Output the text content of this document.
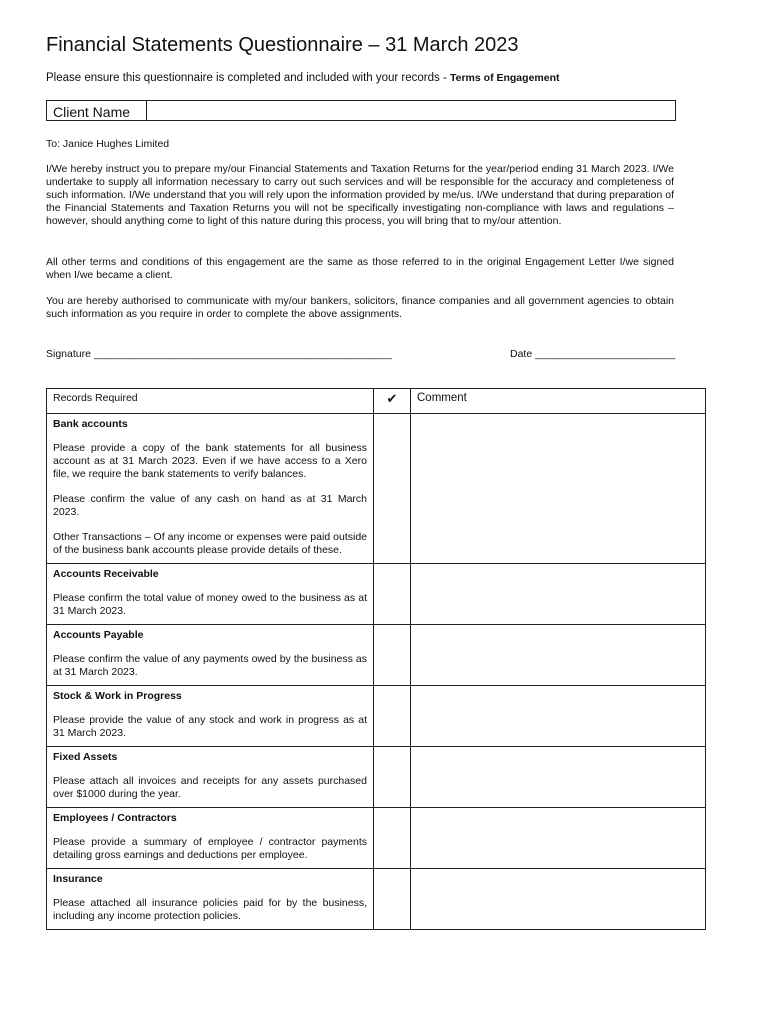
Financial Statements Questionnaire – 31 March 2023
Please ensure this questionnaire is completed and included with your records - Terms of Engagement
Client Name
To: Janice Hughes Limited

I/We hereby instruct you to prepare my/our Financial Statements and Taxation Returns for the year/period ending 31 March 2023. I/We undertake to supply all information necessary to carry out such services and will be responsible for the accuracy and completeness of such information. I/We understand that you will rely upon the information provided by me/us. I/We understand that during preparation of the Financial Statements and Taxation Returns you will not be specifically investigating non-compliance with laws and regulations – however, should anything come to light of this nature during this process, you will bring that to my/our attention.

All other terms and conditions of this engagement are the same as those referred to in the original Engagement Letter I/we signed when I/we became a client.

You are hereby authorised to communicate with my/our bankers, solicitors, finance companies and all government agencies to obtain such information as you require in order to complete the above assignments.

Signature ___________________________________________________	Date ________________________
Records Required	✔	Comment

Bank accounts

Please provide a copy of the bank statements for all business account as at 31 March 2023. Even if we have access to a Xero file, we require the bank statements to verify balances.

Please confirm the value of any cash on hand as at 31 March 2023.

Other Transactions – Of any income or expenses were paid outside of the business bank accounts please provide details of these.		

Accounts Receivable

Please confirm the total value of money owed to the business as at 31 March 2023.		

Accounts Payable

Please confirm the value of any payments owed by the business as at 31 March 2023.		

Stock & Work in Progress

Please provide the value of any stock and work in progress as at 31 March 2023.		

Fixed Assets

Please attach all invoices and receipts for any assets purchased over $1000 during the year.		

Employees / Contractors

Please provide a summary of employee / contractor payments detailing gross earnings and deductions per employee.		

Insurance

Please attached all insurance policies paid for by the business, including any income protection policies.		
